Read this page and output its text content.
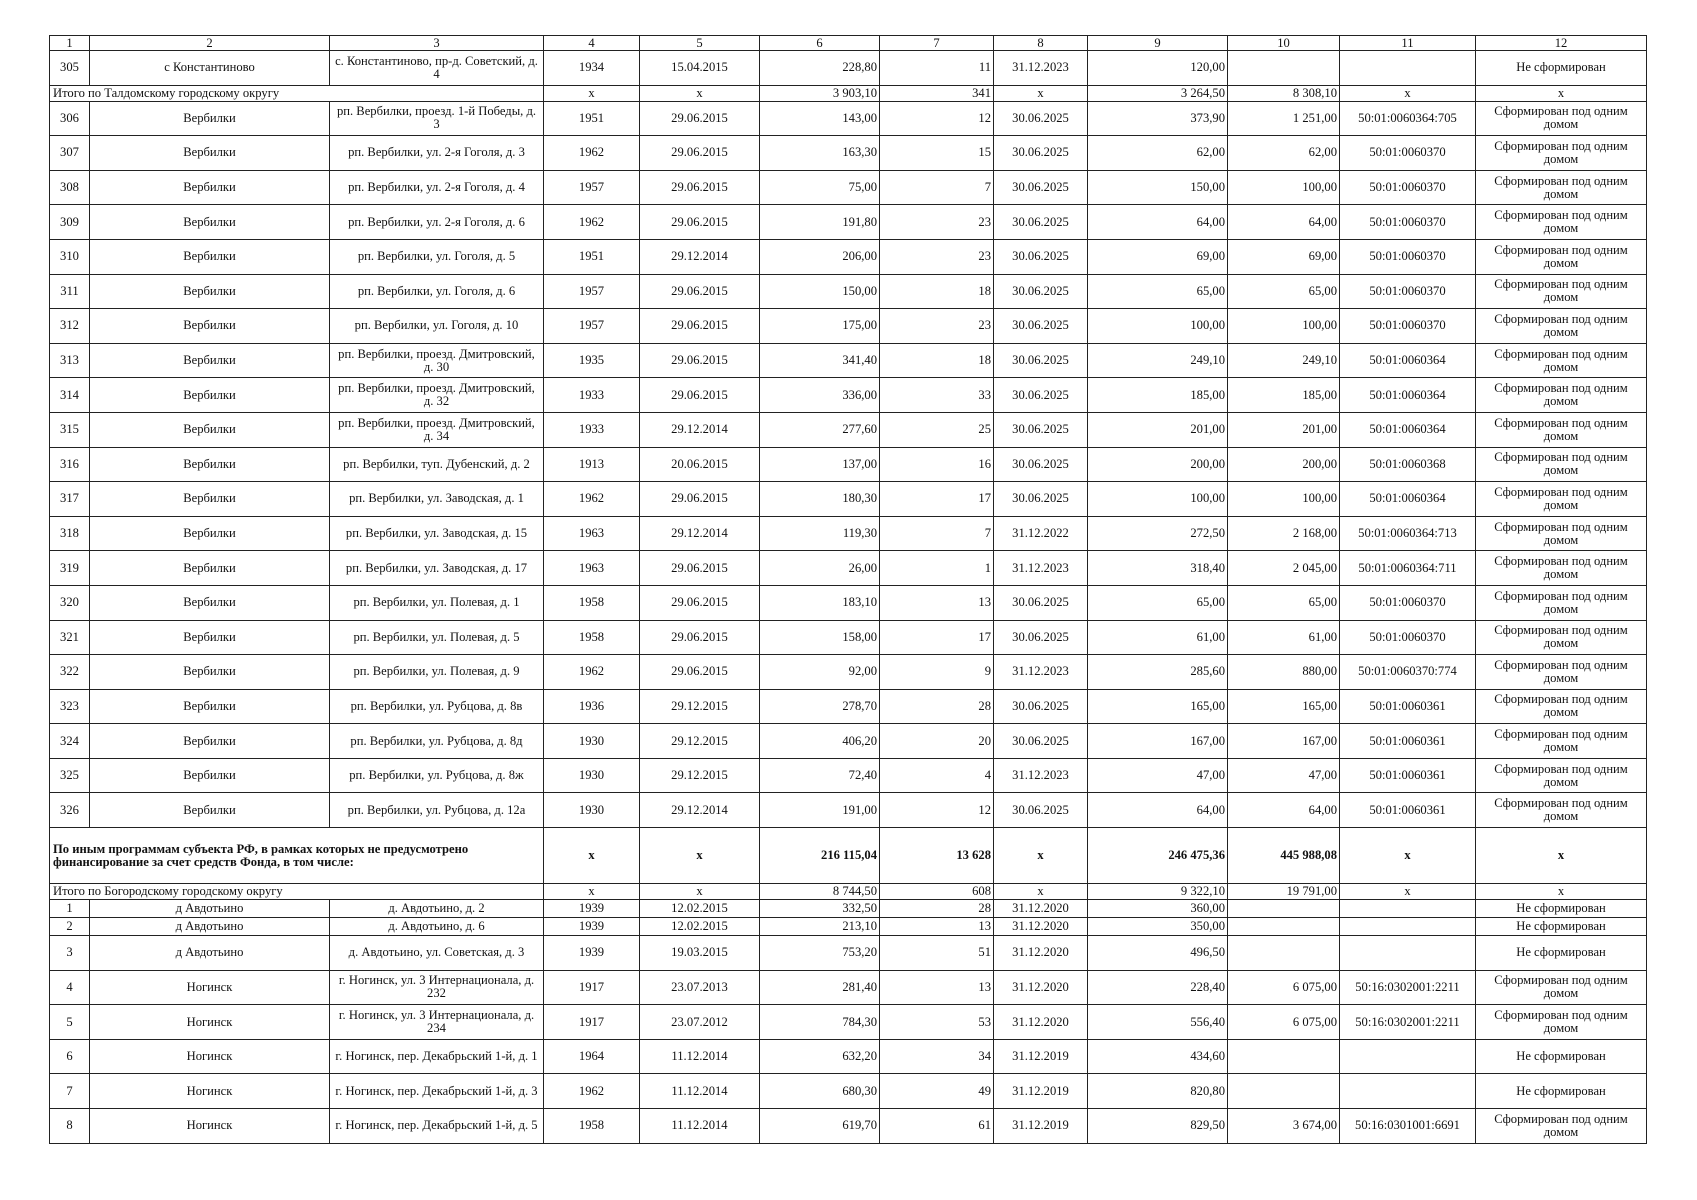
1	2	3	4	5	6	7	8	9	10	11	12
305	с Константиново	с. Константиново, пр-д. Советский, д. 4	1934	15.04.2015	228,80	11	31.12.2023	120,00			Не сформирован
Итого по Талдомскому городскому округу			x	x	3 903,10	341	x	3 264,50	8 308,10	x	x
306	Вербилки	рп. Вербилки, проезд. 1-й Победы, д. 3	1951	29.06.2015	143,00	12	30.06.2025	373,90	1 251,00	50:01:0060364:705	Сформирован под одним домом
307	Вербилки	рп. Вербилки, ул. 2-я Гоголя, д. 3	1962	29.06.2015	163,30	15	30.06.2025	62,00	62,00	50:01:0060370	Сформирован под одним домом
308	Вербилки	рп. Вербилки, ул. 2-я Гоголя, д. 4	1957	29.06.2015	75,00	7	30.06.2025	150,00	100,00	50:01:0060370	Сформирован под одним домом
309	Вербилки	рп. Вербилки, ул. 2-я Гоголя, д. 6	1962	29.06.2015	191,80	23	30.06.2025	64,00	64,00	50:01:0060370	Сформирован под одним домом
310	Вербилки	рп. Вербилки, ул. Гоголя, д. 5	1951	29.12.2014	206,00	23	30.06.2025	69,00	69,00	50:01:0060370	Сформирован под одним домом
311	Вербилки	рп. Вербилки, ул. Гоголя, д. 6	1957	29.06.2015	150,00	18	30.06.2025	65,00	65,00	50:01:0060370	Сформирован под одним домом
312	Вербилки	рп. Вербилки, ул. Гоголя, д. 10	1957	29.06.2015	175,00	23	30.06.2025	100,00	100,00	50:01:0060370	Сформирован под одним домом
313	Вербилки	рп. Вербилки, проезд. Дмитровский, д. 30	1935	29.06.2015	341,40	18	30.06.2025	249,10	249,10	50:01:0060364	Сформирован под одним домом
314	Вербилки	рп. Вербилки, проезд. Дмитровский, д. 32	1933	29.06.2015	336,00	33	30.06.2025	185,00	185,00	50:01:0060364	Сформирован под одним домом
315	Вербилки	рп. Вербилки, проезд. Дмитровский, д. 34	1933	29.12.2014	277,60	25	30.06.2025	201,00	201,00	50:01:0060364	Сформирован под одним домом
316	Вербилки	рп. Вербилки, туп. Дубенский, д. 2	1913	20.06.2015	137,00	16	30.06.2025	200,00	200,00	50:01:0060368	Сформирован под одним домом
317	Вербилки	рп. Вербилки, ул. Заводская, д. 1	1962	29.06.2015	180,30	17	30.06.2025	100,00	100,00	50:01:0060364	Сформирован под одним домом
318	Вербилки	рп. Вербилки, ул. Заводская, д. 15	1963	29.12.2014	119,30	7	31.12.2022	272,50	2 168,00	50:01:0060364:713	Сформирован под одним домом
319	Вербилки	рп. Вербилки, ул. Заводская, д. 17	1963	29.06.2015	26,00	1	31.12.2023	318,40	2 045,00	50:01:0060364:711	Сформирован под одним домом
320	Вербилки	рп. Вербилки, ул. Полевая, д. 1	1958	29.06.2015	183,10	13	30.06.2025	65,00	65,00	50:01:0060370	Сформирован под одним домом
321	Вербилки	рп. Вербилки, ул. Полевая, д. 5	1958	29.06.2015	158,00	17	30.06.2025	61,00	61,00	50:01:0060370	Сформирован под одним домом
322	Вербилки	рп. Вербилки, ул. Полевая, д. 9	1962	29.06.2015	92,00	9	31.12.2023	285,60	880,00	50:01:0060370:774	Сформирован под одним домом
323	Вербилки	рп. Вербилки, ул. Рубцова, д. 8в	1936	29.12.2015	278,70	28	30.06.2025	165,00	165,00	50:01:0060361	Сформирован под одним домом
324	Вербилки	рп. Вербилки, ул. Рубцова, д. 8д	1930	29.12.2015	406,20	20	30.06.2025	167,00	167,00	50:01:0060361	Сформирован под одним домом
325	Вербилки	рп. Вербилки, ул. Рубцова, д. 8ж	1930	29.12.2015	72,40	4	31.12.2023	47,00	47,00	50:01:0060361	Сформирован под одним домом
326	Вербилки	рп. Вербилки, ул. Рубцова, д. 12а	1930	29.12.2014	191,00	12	30.06.2025	64,00	64,00	50:01:0060361	Сформирован под одним домом
По иным программам субъекта РФ, в рамках которых не предусмотрено финансирование за счет средств Фонда, в том числе:			x	x	216 115,04	13 628	x	246 475,36	445 988,08	x	x
Итого по Богородскому городскому округу			x	x	8 744,50	608	x	9 322,10	19 791,00	x	x
1	д Авдотьино	д. Авдотьино, д. 2	1939	12.02.2015	332,50	28	31.12.2020	360,00			Не сформирован
2	д Авдотьино	д. Авдотьино, д. 6	1939	12.02.2015	213,10	13	31.12.2020	350,00			Не сформирован
3	д Авдотьино	д. Авдотьино, ул. Советская, д. 3	1939	19.03.2015	753,20	51	31.12.2020	496,50			Не сформирован
4	Ногинск	г. Ногинск, ул. 3 Интернационала, д. 232	1917	23.07.2013	281,40	13	31.12.2020	228,40	6 075,00	50:16:0302001:2211	Сформирован под одним домом
5	Ногинск	г. Ногинск, ул. 3 Интернационала, д. 234	1917	23.07.2012	784,30	53	31.12.2020	556,40	6 075,00	50:16:0302001:2211	Сформирован под одним домом
6	Ногинск	г. Ногинск, пер. Декабрьский 1-й, д. 1	1964	11.12.2014	632,20	34	31.12.2019	434,60			Не сформирован
7	Ногинск	г. Ногинск, пер. Декабрьский 1-й, д. 3	1962	11.12.2014	680,30	49	31.12.2019	820,80			Не сформирован
8	Ногинск	г. Ногинск, пер. Декабрьский 1-й, д. 5	1958	11.12.2014	619,70	61	31.12.2019	829,50	3 674,00	50:16:0301001:6691	Сформирован под одним домом
